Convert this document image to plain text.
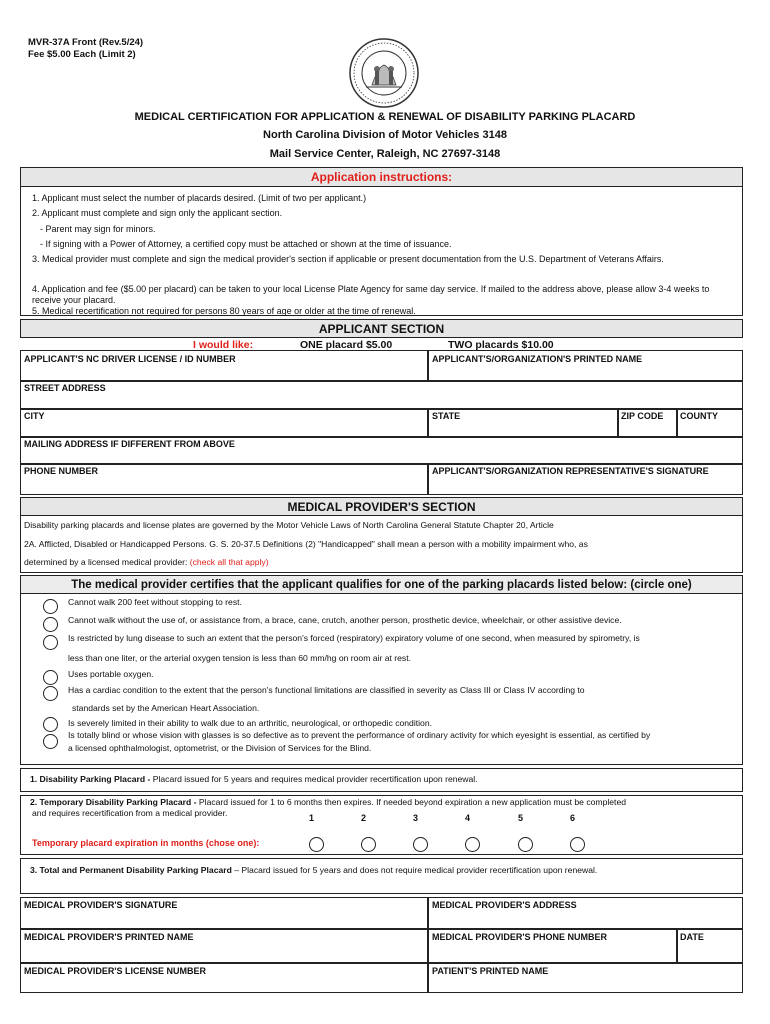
MVR-37A Front (Rev.5/24)
Fee $5.00 Each (Limit 2)
MEDICAL CERTIFICATION FOR APPLICATION & RENEWAL OF DISABILITY PARKING PLACARD
North Carolina Division of Motor Vehicles 3148
Mail Service Center, Raleigh, NC 27697-3148
Application instructions:
1. Applicant must select the number of placards desired. (Limit of two per applicant.)
2. Applicant must complete and sign only the applicant section.
- Parent may sign for minors.
- If signing with a Power of Attorney, a certified copy must be attached or shown at the time of issuance.
3. Medical provider must complete and sign the medical provider's section if applicable or present documentation from the U.S. Department of Veterans Affairs.
4. Application and fee ($5.00 per placard) can be taken to your local License Plate Agency for same day service. If mailed to the address above, please allow 3-4 weeks to receive your placard.
5. Medical recertification not required for persons 80 years of age or older at the time of renewal.
APPLICANT SECTION
I would like:	ONE placard $5.00	TWO placards $10.00
APPLICANT'S NC DRIVER LICENSE / ID NUMBER	APPLICANT'S/ORGANIZATION'S PRINTED NAME
STREET ADDRESS
CITY	STATE	ZIP CODE COUNTY
MAILING ADDRESS IF DIFFERENT FROM ABOVE
PHONE NUMBER	APPLICANT'S/ORGANIZATION REPRESENTATIVE'S SIGNATURE
MEDICAL PROVIDER'S SECTION
Disability parking placards and license plates are governed by the Motor Vehicle Laws of North Carolina General Statute Chapter 20, Article
2A. Afflicted, Disabled or Handicapped Persons. G. S. 20-37.5 Definitions (2) "Handicapped" shall mean a person with a mobility impairment who, as
determined by a licensed medical provider: (check all that apply)
The medical provider certifies that the applicant qualifies for one of the parking placards listed below: (circle one)
Cannot walk 200 feet without stopping to rest.
Cannot walk without the use of, or assistance from, a brace, cane, crutch, another person, prosthetic device, wheelchair, or other assistive device.
Is restricted by lung disease to such an extent that the person's forced (respiratory) expiratory volume of one second, when measured by spirometry, is
less than one liter, or the arterial oxygen tension is less than 60 mm/hg on room air at rest.
Uses portable oxygen.
Has a cardiac condition to the extent that the person's functional limitations are classified in severity as Class III or Class IV according to
standards set by the American Heart Association.
Is severely limited in their ability to walk due to an arthritic, neurological, or orthopedic condition.
Is totally blind or whose vision with glasses is so defective as to prevent the performance of ordinary activity for which eyesight is essential, as certified by
a licensed ophthalmologist, optometrist, or the Division of Services for the Blind.
1. Disability Parking Placard - Placard issued for 5 years and requires medical provider recertification upon renewal.
2. Temporary Disability Parking Placard - Placard issued for 1 to 6 months then expires. If needed beyond expiration a new application must be completed
and requires recertification from a medical provider.
Temporary placard expiration in months (chose one):
1	2	3	4	5	6
3. Total and Permanent Disability Parking Placard – Placard issued for 5 years and does not require medical provider recertification upon renewal.
MEDICAL PROVIDER'S SIGNATURE	MEDICAL PROVIDER'S ADDRESS
MEDICAL PROVIDER'S PRINTED NAME	MEDICAL PROVIDER'S PHONE NUMBER	DATE
MEDICAL PROVIDER'S LICENSE NUMBER	PATIENT'S PRINTED NAME
